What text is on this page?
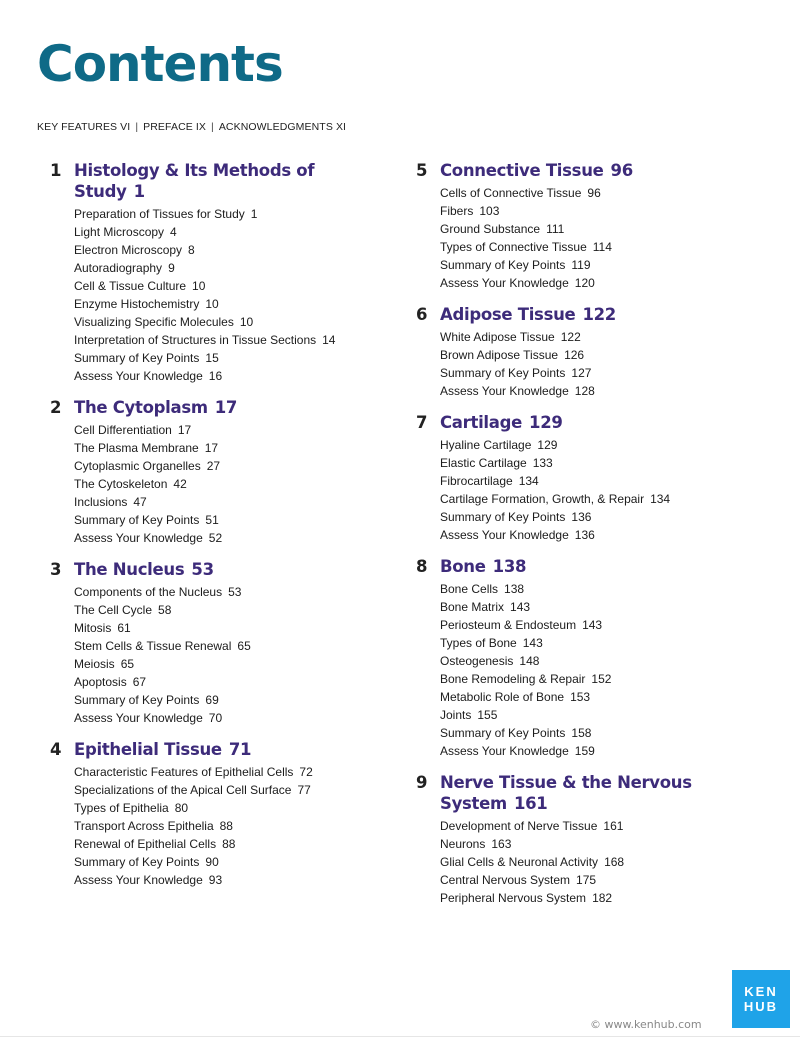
Contents
KEY FEATURES VI | PREFACE IX | ACKNOWLEDGMENTS XI
1 Histology & Its Methods of Study 1
Preparation of Tissues for Study 1
Light Microscopy 4
Electron Microscopy 8
Autoradiography 9
Cell & Tissue Culture 10
Enzyme Histochemistry 10
Visualizing Specific Molecules 10
Interpretation of Structures in Tissue Sections 14
Summary of Key Points 15
Assess Your Knowledge 16
2 The Cytoplasm 17
Cell Differentiation 17
The Plasma Membrane 17
Cytoplasmic Organelles 27
The Cytoskeleton 42
Inclusions 47
Summary of Key Points 51
Assess Your Knowledge 52
3 The Nucleus 53
Components of the Nucleus 53
The Cell Cycle 58
Mitosis 61
Stem Cells & Tissue Renewal 65
Meiosis 65
Apoptosis 67
Summary of Key Points 69
Assess Your Knowledge 70
4 Epithelial Tissue 71
Characteristic Features of Epithelial Cells 72
Specializations of the Apical Cell Surface 77
Types of Epithelia 80
Transport Across Epithelia 88
Renewal of Epithelial Cells 88
Summary of Key Points 90
Assess Your Knowledge 93
5 Connective Tissue 96
Cells of Connective Tissue 96
Fibers 103
Ground Substance 111
Types of Connective Tissue 114
Summary of Key Points 119
Assess Your Knowledge 120
6 Adipose Tissue 122
White Adipose Tissue 122
Brown Adipose Tissue 126
Summary of Key Points 127
Assess Your Knowledge 128
7 Cartilage 129
Hyaline Cartilage 129
Elastic Cartilage 133
Fibrocartilage 134
Cartilage Formation, Growth, & Repair 134
Summary of Key Points 136
Assess Your Knowledge 136
8 Bone 138
Bone Cells 138
Bone Matrix 143
Periosteum & Endosteum 143
Types of Bone 143
Osteogenesis 148
Bone Remodeling & Repair 152
Metabolic Role of Bone 153
Joints 155
Summary of Key Points 158
Assess Your Knowledge 159
9 Nerve Tissue & the Nervous System 161
Development of Nerve Tissue 161
Neurons 163
Glial Cells & Neuronal Activity 168
Central Nervous System 175
Peripheral Nervous System 182
KEN
HUB
© www.kenhub.com
